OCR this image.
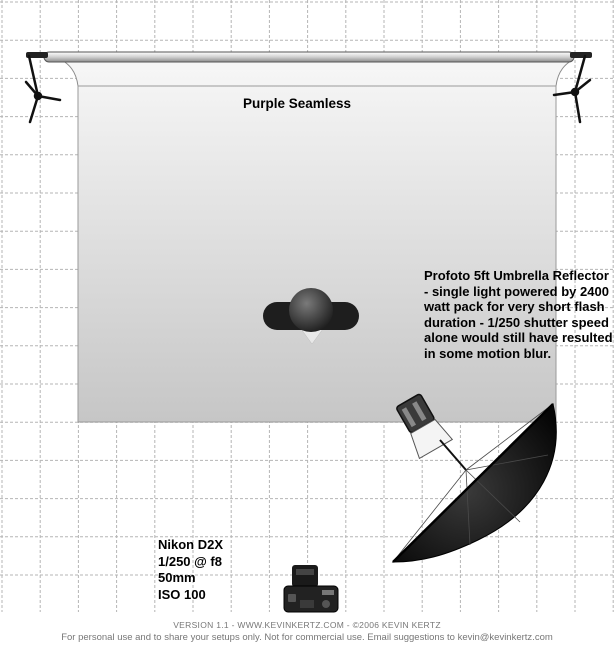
Purple Seamless

Profoto 5ft Umbrella Reflector - single light powered by 2400 watt pack for very short flash duration - 1/250 shutter speed alone would still have resulted in some motion blur.

Nikon D2X
1/250 @ f8
50mm
ISO 100
VERSION 1.1 - WWW.KEVINKERTZ.COM - ©2006 KEVIN KERTZ
For personal use and to share your setups only. Not for commercial use. Email suggestions to kevin@kevinkertz.com
